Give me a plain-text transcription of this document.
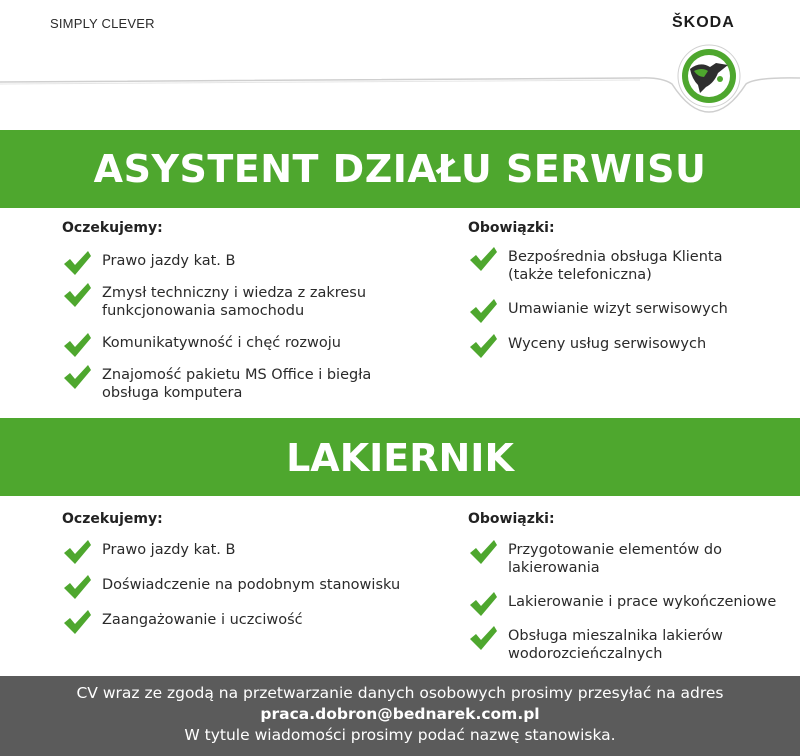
SIMPLY CLEVER	ŠKODA
ASYSTENT DZIAŁU SERWISU
Oczekujemy:
Prawo jazdy kat. B
Zmysł techniczny i wiedza z zakresu funkcjonowania samochodu
Komunikatywność i chęć rozwoju
Znajomość pakietu MS Office i biegła obsługa komputera
Obowiązki:
Bezpośrednia obsługa Klienta (także telefoniczna)
Umawianie wizyt serwisowych
Wyceny usług serwisowych
LAKIERNIK
Oczekujemy:
Prawo jazdy kat. B
Doświadczenie na podobnym stanowisku
Zaangażowanie i uczciwość
Obowiązki:
Przygotowanie elementów do lakierowania
Lakierowanie i prace wykończeniowe
Obsługa mieszalnika lakierów wodorozcieńczalnych
CV wraz ze zgodą na przetwarzanie danych osobowych prosimy przesyłać na adres
praca.dobron@bednarek.com.pl
W tytule wiadomości prosimy podać nazwę stanowiska.
